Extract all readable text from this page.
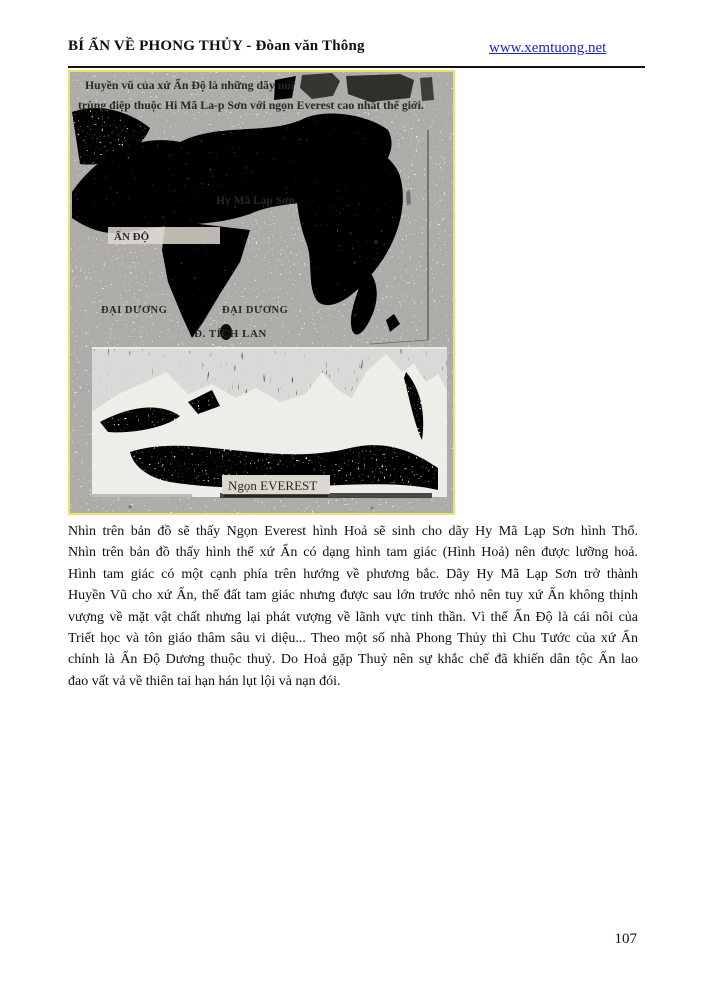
BÍ ẨN VỀ PHONG THỦY - Đòan văn Thông	www.xemtuong.net
Huyền vũ của xứ Ấn Độ là những dãy núi
trùng điệp thuộc Hi Mã La-p Sơn với ngọn Everest cao nhất thế giới.
Hy Mã Lạp Sơn
ẤN ĐỘ
ĐẠI DƯƠNG	ĐẠI DƯƠNG
Đ. TÍCH LAN
Ngọn EVEREST
Nhìn trên bản đồ sẽ thấy Ngọn Everest hình Hoả sẽ sinh cho dãy Hy Mã Lạp Sơn hình Thổ.
Nhìn trên bản đồ thấy hình thể xứ Ấn có dạng hình tam giác (Hình Hoả) nên được lưỡng hoả.
Hình tam giác có một cạnh phía trên hướng về phương bắc. Dãy Hy Mã Lạp Sơn trở thành
Huyền Vũ cho xứ Ấn, thế đất tam giác nhưng được sau lớn trước nhỏ nên tuy xứ Ấn không thịnh
vượng về mặt vật chất nhưng lại phát vượng về lãnh vực tinh thần. Vì thế Ấn Độ là cái nôi của
Triết học và tôn giáo thâm sâu vi diệu... Theo một số nhà Phong Thủy thì Chu Tước của xứ Ấn
chính là Ấn Độ Dương thuộc thuỷ. Do Hoả gặp Thuỷ nên sự khắc chế đã khiến dân tộc Ấn lao
đao vất vả về thiên tai hạn hán lụt lội và nạn đói.
107
